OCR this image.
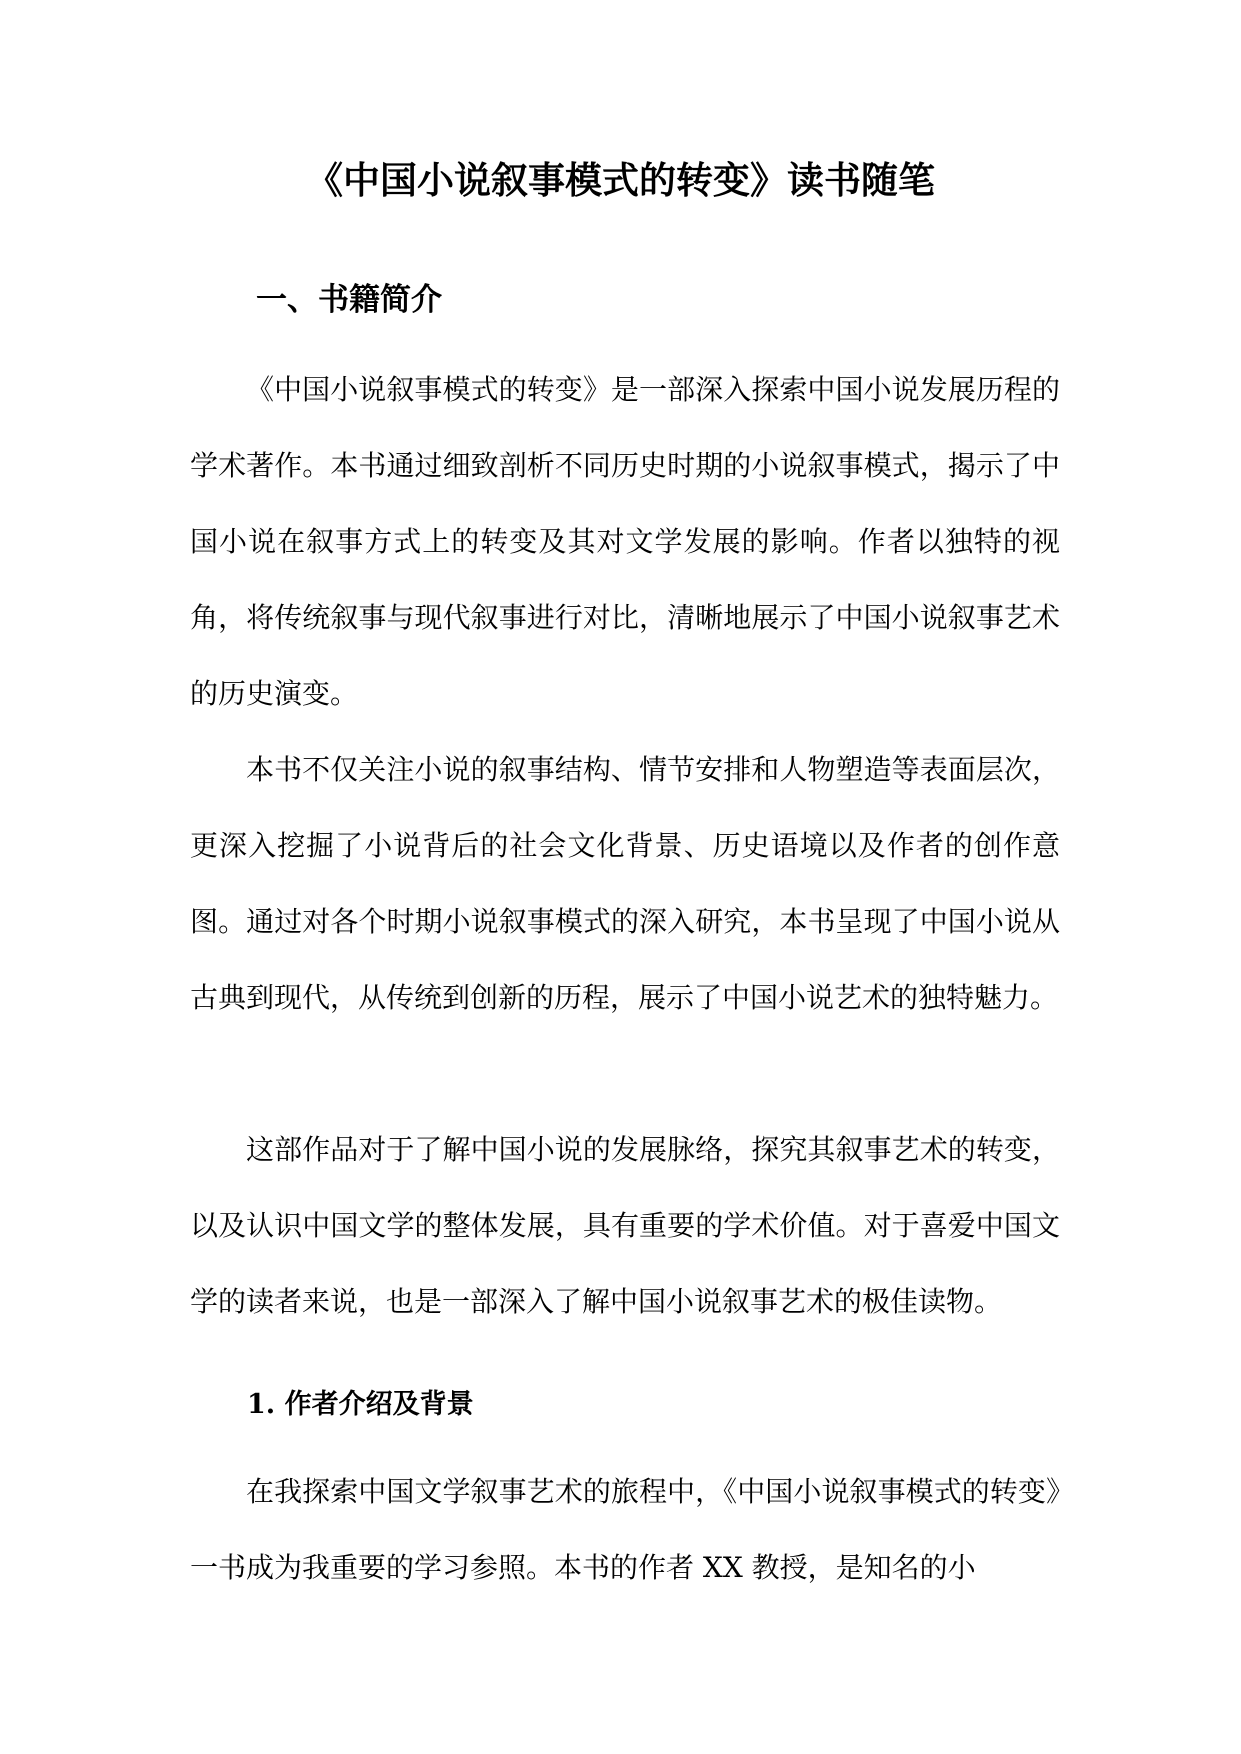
《中国小说叙事模式的转变》读书随笔
一、书籍简介

《中国小说叙事模式的转变》是一部深入探索中国小说发展历程的学术著作。本书通过细致剖析不同历史时期的小说叙事模式，揭示了中国小说在叙事方式上的转变及其对文学发展的影响。作者以独特的视角，将传统叙事与现代叙事进行对比，清晰地展示了中国小说叙事艺术的历史演变。

本书不仅关注小说的叙事结构、情节安排和人物塑造等表面层次，更深入挖掘了小说背后的社会文化背景、历史语境以及作者的创作意图。通过对各个时期小说叙事模式的深入研究，本书呈现了中国小说从古典到现代，从传统到创新的历程，展示了中国小说艺术的独特魅力。

这部作品对于了解中国小说的发展脉络，探究其叙事艺术的转变，以及认识中国文学的整体发展，具有重要的学术价值。对于喜爱中国文学的读者来说，也是一部深入了解中国小说叙事艺术的极佳读物。

1. 作者介绍及背景

在我探索中国文学叙事艺术的旅程中，《中国小说叙事模式的转变》一书成为我重要的学习参照。本书的作者 XX 教授，是知名的小
